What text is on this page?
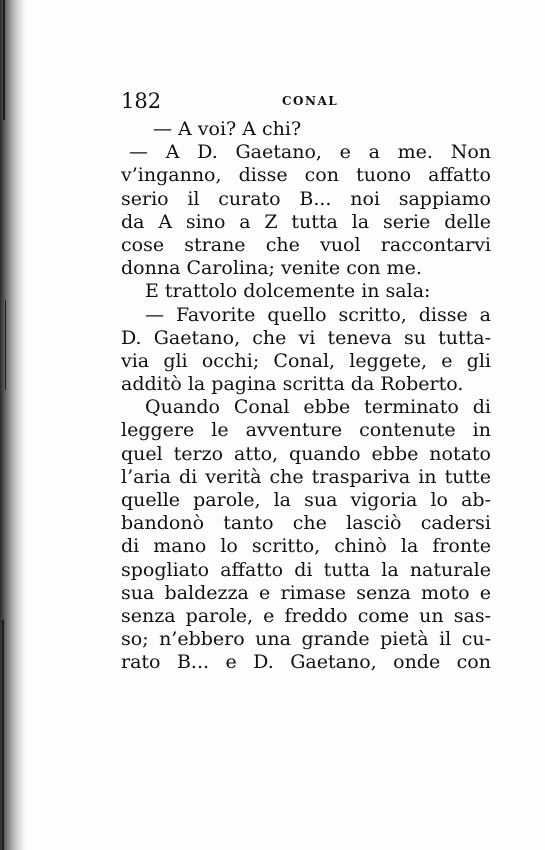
182	CONAL
— A voi? A chi?
— A D. Gaetano, e a me. Non
v’inganno, disse con tuono affatto
serio il curato B... noi sappiamo
da A sino a Z tutta la serie delle
cose strane che vuol raccontarvi
donna Carolina; venite con me.
E trattolo dolcemente in sala:
— Favorite quello scritto, disse a
D. Gaetano, che vi teneva su tutta-
via gli occhi; Conal, leggete, e gli
additò la pagina scritta da Roberto.
Quando Conal ebbe terminato di
leggere le avventure contenute in
quel terzo atto, quando ebbe notato
l’aria di verità che traspariva in tutte
quelle parole, la sua vigoria lo ab-
bandonò tanto che lasciò cadersi
di mano lo scritto, chinò la fronte
spogliato affatto di tutta la naturale
sua baldezza e rimase senza moto e
senza parole, e freddo come un sas-
so; n’ebbero una grande pietà il cu-
rato B... e D. Gaetano, onde con
